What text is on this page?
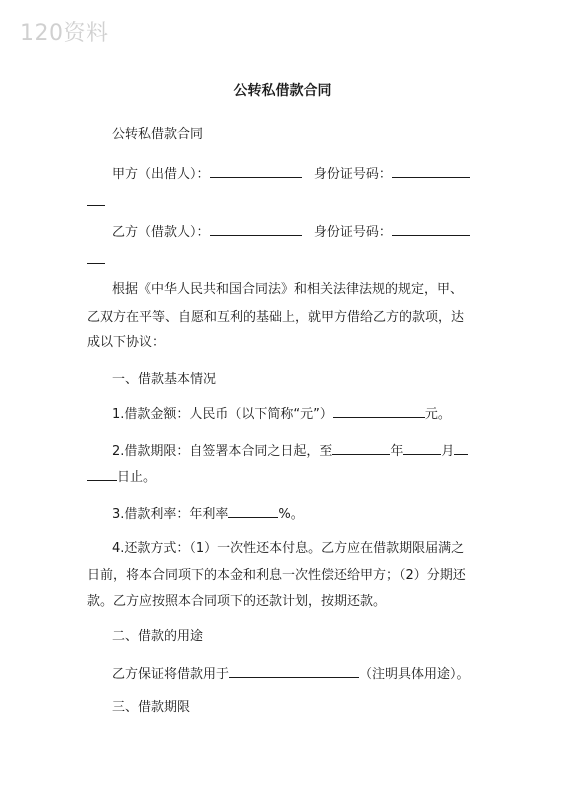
120资料
公转私借款合同
公转私借款合同
甲方（出借人）：	身份证号码：
乙方（借款人）：	身份证号码：
根据《中华人民共和国合同法》和相关法律法规的规定，甲、
乙双方在平等、自愿和互利的基础上，就甲方借给乙方的款项，达
成以下协议：
一、借款基本情况
1.借款金额：人民币（以下简称“元”）	元。
2.借款期限：自签署本合同之日起，至	年	月
日止。
3.借款利率：年利率	%。
4.还款方式：（1）一次性还本付息。乙方应在借款期限届满之
日前，将本合同项下的本金和利息一次性偿还给甲方；（2）分期还
款。乙方应按照本合同项下的还款计划，按期还款。
二、借款的用途
乙方保证将借款用于	（注明具体用途）。
三、借款期限
